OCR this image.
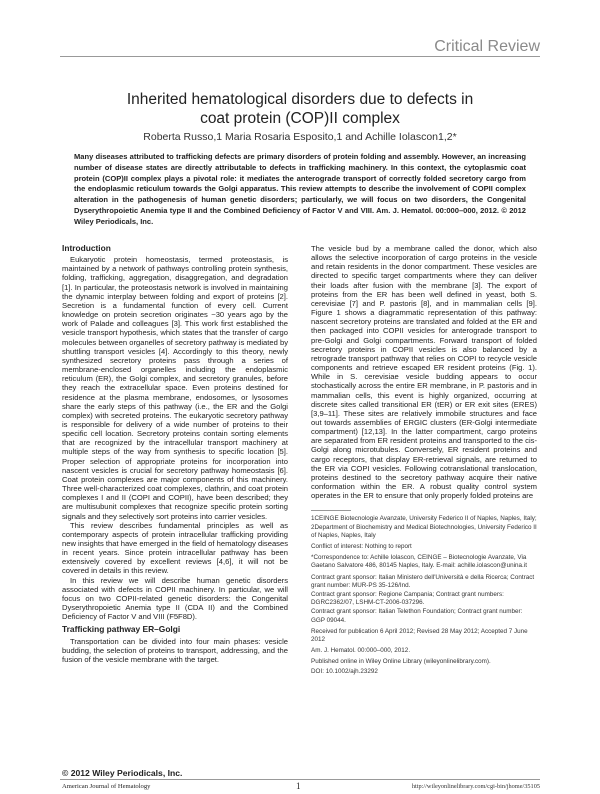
Critical Review
Inherited hematological disorders due to defects in
coat protein (COP)II complex
Roberta Russo,1 Maria Rosaria Esposito,1 and Achille Iolascon1,2*
Many diseases attributed to trafficking defects are primary disorders of protein folding and assembly. However, an increasing number of disease states are directly attributable to defects in trafficking machinery. In this context, the cytoplasmic coat protein (COP)II complex plays a pivotal role: it mediates the anterograde transport of correctly folded secretory cargo from the endoplasmic reticulum towards the Golgi apparatus. This review attempts to describe the involvement of COPII complex alteration in the pathogenesis of human genetic disorders; particularly, we will focus on two disorders, the Congenital Dyserythropoietic Anemia type II and the Combined Deficiency of Factor V and VIII. Am. J. Hematol. 00:000–000, 2012. © 2012 Wiley Periodicals, Inc.
Introduction

Eukaryotic protein homeostasis, termed proteostasis, is maintained by a network of pathways controlling protein synthesis, folding, trafficking, aggregation, disaggregation, and degradation [1]. In particular, the proteostasis network is involved in maintaining the dynamic interplay between folding and export of proteins [2]. Secretion is a fundamental function of every cell. Current knowledge on protein secretion originates ~30 years ago by the work of Palade and colleagues [3]. This work first established the vesicle transport hypothesis, which states that the transfer of cargo molecules between organelles of secretory pathway is mediated by shuttling transport vesicles [4]. Accordingly to this theory, newly synthesized secretory proteins pass through a series of membrane-enclosed organelles including the endoplasmic reticulum (ER), the Golgi complex, and secretory granules, before they reach the extracellular space. Even proteins destined for residence at the plasma membrane, endosomes, or lysosomes share the early steps of this pathway (i.e., the ER and the Golgi complex) with secreted proteins. The eukaryotic secretory pathway is responsible for delivery of a wide number of proteins to their specific cell location. Secretory proteins contain sorting elements that are recognized by the intracellular transport machinery at multiple steps of the way from synthesis to specific location [5]. Proper selection of appropriate proteins for incorporation into nascent vesicles is crucial for secretory pathway homeostasis [6]. Coat protein complexes are major components of this machinery. Three well-characterized coat complexes, clathrin, and coat protein complexes I and II (COPI and COPII), have been described; they are multisubunit complexes that recognize specific protein sorting signals and they selectively sort proteins into carrier vesicles.

This review describes fundamental principles as well as contemporary aspects of protein intracellular trafficking providing new insights that have emerged in the field of hematology diseases in recent years. Since protein intracellular pathway has been extensively covered by excellent reviews [4,6], it will not be covered in details in this review.

In this review we will describe human genetic disorders associated with defects in COPII machinery. In particular, we will focus on two COPII-related genetic disorders: the Congenital Dyserythropoietic Anemia type II (CDA II) and the Combined Deficiency of Factor V and VIII (F5F8D).

Trafficking pathway ER–Golgi

Transportation can be divided into four main phases: vesicle budding, the selection of proteins to transport, addressing, and the fusion of the vesicle membrane with the target.

The vesicle bud by a membrane called the donor, which also allows the selective incorporation of cargo proteins in the vesicle and retain residents in the donor compartment. These vesicles are directed to specific target compartments where they can deliver their loads after fusion with the membrane [3]. The export of proteins from the ER has been well defined in yeast, both S. cerevisiae [7] and P. pastoris [8], and in mammalian cells [9]. Figure 1 shows a diagrammatic representation of this pathway: nascent secretory proteins are translated and folded at the ER and then packaged into COPII vesicles for anterograde transport to pre-Golgi and Golgi compartments. Forward transport of folded secretory proteins in COPII vesicles is also balanced by a retrograde transport pathway that relies on COPI to recycle vesicle components and retrieve escaped ER resident proteins (Fig. 1). While in S. cerevisiae vesicle budding appears to occur stochastically across the entire ER membrane, in P. pastoris and in mammalian cells, this event is highly organized, occurring at discrete sites called transitional ER (tER) or ER exit sites (ERES) [3,9–11]. These sites are relatively immobile structures and face out towards assemblies of ERGIC clusters (ER-Golgi intermediate compartment) [12,13]. In the latter compartment, cargo proteins are separated from ER resident proteins and transported to the cis-Golgi along microtubules. Conversely, ER resident proteins and cargo receptors, that display ER-retrieval signals, are returned to the ER via COPI vesicles. Following cotranslational translocation, proteins destined to the secretory pathway acquire their native conformation within the ER. A robust quality control system operates in the ER to ensure that only properly folded proteins are

1CEINGE Biotecnologie Avanzate, University Federico II of Naples, Naples, Italy; 2Department of Biochemistry and Medical Biotechnologies, University Federico II of Naples, Naples, Italy
Conflict of interest: Nothing to report
*Correspondence to: Achille Iolascon, CEINGE – Biotecnologie Avanzate, Via Gaetano Salvatore 486, 80145 Naples, Italy. E-mail: achille.iolascon@unina.it
Contract grant sponsor: Italian Ministero dell'Università e della Ricerca; Contract grant number: MUR-PS 35-126/Ind.
Contract grant sponsor: Regione Campania; Contract grant numbers: DGRC2362/07, LSHM-CT-2006-037296.
Contract grant sponsor: Italian Telethon Foundation; Contract grant number: GGP 09044.
Received for publication 6 April 2012; Revised 28 May 2012; Accepted 7 June 2012
Am. J. Hematol. 00:000–000, 2012.
Published online in Wiley Online Library (wileyonlinelibrary.com).
DOI: 10.1002/ajh.23292
© 2012 Wiley Periodicals, Inc.
American Journal of Hematology	1	http://wileyonlinelibrary.com/cgi-bin/jhome/35105
